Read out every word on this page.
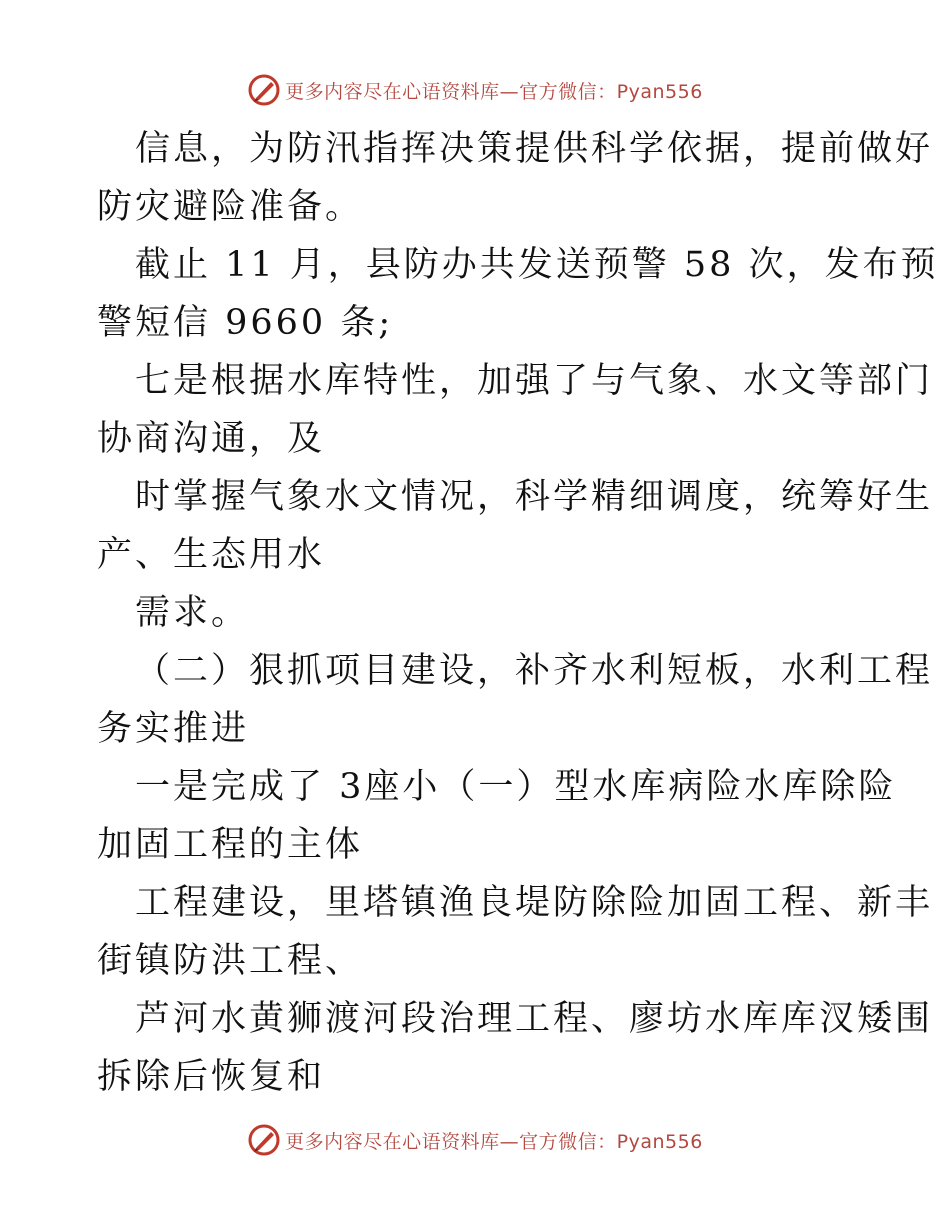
更多内容尽在心语资料库—官方微信：Pyan556
信息，为防汛指挥决策提供科学依据，提前做好
防灾避险准备。
截止 11 月，县防办共发送预警 58 次，发布预
警短信 9660 条;
七是根据水库特性，加强了与气象、水文等部门
协商沟通，及
时掌握气象水文情况，科学精细调度，统筹好生
产、生态用水
需求。
（二）狠抓项目建设，补齐水利短板，水利工程
务实推进
一是完成了 3座小（一）型水库病险水库除险
加固工程的主体
工程建设，里塔镇渔良堤防除险加固工程、新丰
街镇防洪工程、
芦河水黄狮渡河段治理工程、廖坊水库库汊矮围
拆除后恢复和
更多内容尽在心语资料库—官方微信：Pyan556
